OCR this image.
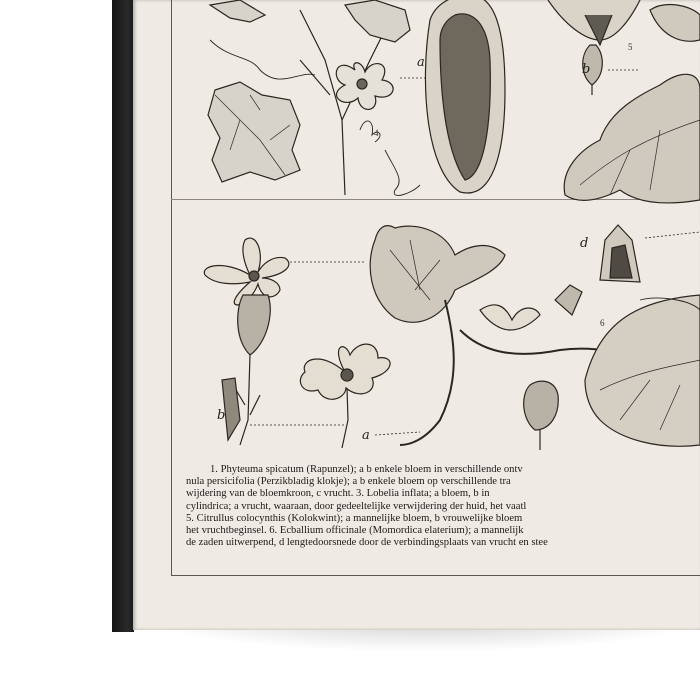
a	b
d
b
a
4
5
6
1. Phyteuma spicatum (Rapunzel); a b enkele bloem in verschillende ontv
nula persicifolia (Perzikbladig klokje); a b enkele bloem op verschillende tra
wijdering van de bloemkroon, c vrucht. 3. Lobelia inflata; a bloem, b in
cylindrica; a vrucht, waaraan, door gedeeltelijke verwijdering der huid, het vaatl
5. Citrullus colocynthis (Kolokwint); a mannelijke bloem, b vrouwelijke bloem
het vruchtbeginsel. 6. Ecballium officinale (Momordica elaterium); a mannelijk
de zaden uitwerpend, d lengtedoorsnede door de verbindingsplaats van vrucht en stee
